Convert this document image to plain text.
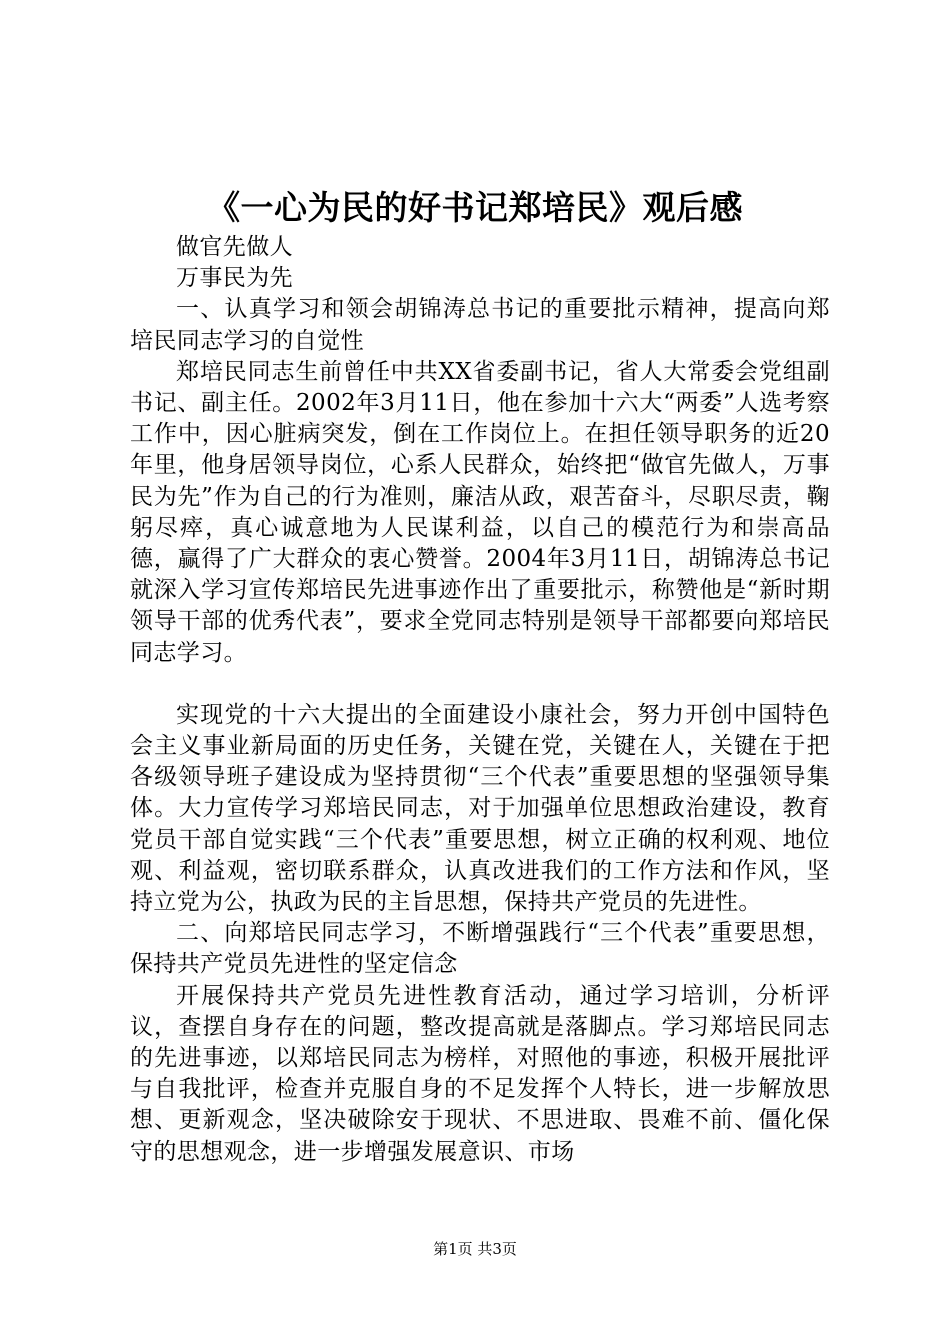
《一心为民的好书记郑培民》观后感

做官先做人

万事民为先

一、认真学习和领会胡锦涛总书记的重要批示精神，提高向郑培民同志学习的自觉性

郑培民同志生前曾任中共XX省委副书记，省人大常委会党组副书记、副主任。2002年3月11日，他在参加十六大“两委”人选考察工作中，因心脏病突发，倒在工作岗位上。在担任领导职务的近20年里，他身居领导岗位，心系人民群众，始终把“做官先做人，万事民为先”作为自己的行为准则，廉洁从政，艰苦奋斗，尽职尽责，鞠躬尽瘁，真心诚意地为人民谋利益，以自己的模范行为和崇高品德，赢得了广大群众的衷心赞誉。2004年3月11日，胡锦涛总书记就深入学习宣传郑培民先进事迹作出了重要批示，称赞他是“新时期领导干部的优秀代表”，要求全党同志特别是领导干部都要向郑培民同志学习。

实现党的十六大提出的全面建设小康社会，努力开创中国特色会主义事业新局面的历史任务，关键在党，关键在人，关键在于把各级领导班子建设成为坚持贯彻“三个代表”重要思想的坚强领导集体。大力宣传学习郑培民同志，对于加强单位思想政治建设，教育党员干部自觉实践“三个代表”重要思想，树立正确的权利观、地位观、利益观，密切联系群众，认真改进我们的工作方法和作风，坚持立党为公，执政为民的主旨思想，保持共产党员的先进性。

二、向郑培民同志学习，不断增强践行“三个代表”重要思想，保持共产党员先进性的坚定信念

开展保持共产党员先进性教育活动，通过学习培训，分析评议，查摆自身存在的问题，整改提高就是落脚点。学习郑培民同志的先进事迹，以郑培民同志为榜样，对照他的事迹，积极开展批评与自我批评，检查并克服自身的不足发挥个人特长，进一步解放思想、更新观念，坚决破除安于现状、不思进取、畏难不前、僵化保守的思想观念，进一步增强发展意识、市场

第1页 共3页
